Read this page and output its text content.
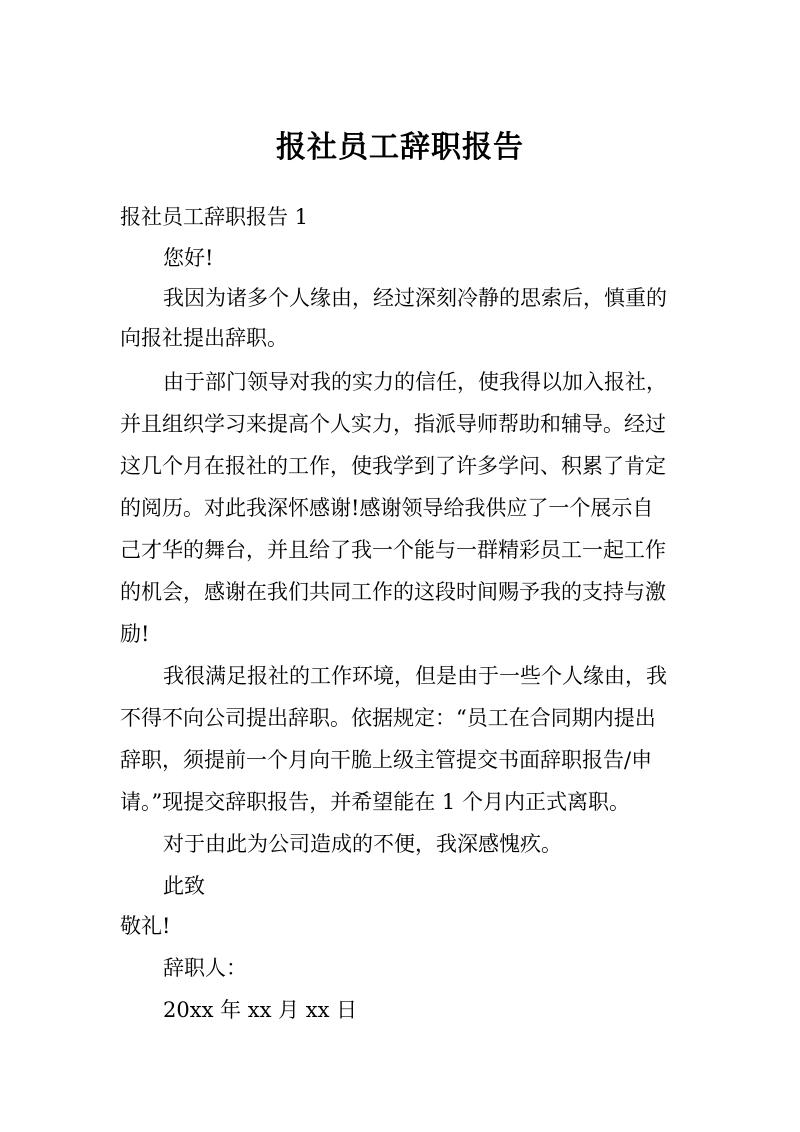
报社员工辞职报告
报社员工辞职报告 1
您好!
我因为诸多个人缘由，经过深刻冷静的思索后，慎重的
向报社提出辞职。
由于部门领导对我的实力的信任，使我得以加入报社，
并且组织学习来提高个人实力，指派导师帮助和辅导。经过
这几个月在报社的工作，使我学到了许多学问、积累了肯定
的阅历。对此我深怀感谢!感谢领导给我供应了一个展示自
己才华的舞台，并且给了我一个能与一群精彩员工一起工作
的机会，感谢在我们共同工作的这段时间赐予我的支持与激
励!
我很满足报社的工作环境，但是由于一些个人缘由，我
不得不向公司提出辞职。依据规定：“员工在合同期内提出
辞职，须提前一个月向干脆上级主管提交书面辞职报告/申
请。”现提交辞职报告，并希望能在 1 个月内正式离职。
对于由此为公司造成的不便，我深感愧疚。
此致
敬礼!
辞职人：
20xx 年 xx 月 xx 日
